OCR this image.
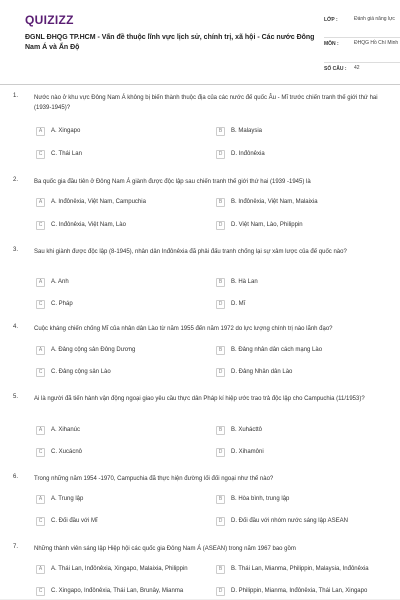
QUIZIZZ
ĐGNL ĐHQG TP.HCM - Vấn đề thuộc lĩnh vực lịch sử, chính trị, xã hội - Các nước Đông Nam Á và Ấn Độ
LỚP :	Đánh giá năng lực
MÔN :	ĐHQG Hồ Chí Minh
SỐ CÂU :	42
1.	Nước nào ở khu vực Đông Nam Á không bị biến thành thuộc địa của các nước đế quốc Âu - Mĩ trước chiến tranh thế giới thứ hai (1939-1945)?
A	A. Xingapo	B	B. Malaysia
C	C. Thái Lan	D	D. Inđônêxia
2.	Ba quốc gia đầu tiên ở Đông Nam Á giành được độc lập sau chiến tranh thế giới thứ hai (1939 -1945) là
A	A. Inđônêxia, Việt Nam, Campuchia	B	B. Inđônêxia, Việt Nam, Malaixia
C	C. Inđônêxia, Việt Nam, Lào	D	D. Việt Nam, Lào, Philippin
3.	Sau khi giành được độc lập (8-1945), nhân dân Inđônêxia đã phải đấu tranh chống lại sự xâm lược của đế quốc nào?
A	A. Anh	B	B. Hà Lan
C	C. Pháp	D	D. Mĩ
4.	Cuộc kháng chiến chống Mĩ của nhân dân Lào từ năm 1955 đến năm 1972 do lực lượng chính trị nào lãnh đạo?
A	A. Đảng cộng sản Đông Dương	B	B. Đảng nhân dân cách mạng Lào
C	C. Đảng cộng sản Lào	D	D. Đảng Nhân dân Lào
5.	Ai là người đã tiến hành vận động ngoại giao yêu cầu thực dân Pháp kí hiệp ước trao trả độc lập cho Campuchia (11/1953)?
A	A. Xihanúc	B	B. Xuhácttô
C	C. Xucácnô	D	D. Xihamôni
6.	Trong những năm 1954 -1970, Campuchia đã thực hiện đường lối đối ngoại như thế nào?
A	A. Trung lập	B	B. Hòa bình, trung lập
C	C. Đối đầu với Mĩ	D	D. Đối đầu với nhóm nước sáng lập ASEAN
7.	Những thành viên sáng lập Hiệp hội các quốc gia Đông Nam Á (ASEAN) trong năm 1967 bao gồm
A	A. Thái Lan, Inđônêxia, Xingapo, Malaixia, Philippin	B	B. Thái Lan, Mianma, Philippin, Malaysia, Inđônêxia
C	C. Xingapo, Inđônêxia, Thái Lan, Brunây, Mianma	D	D. Philippin, Mianma, Inđônêxia, Thái Lan, Xingapo
